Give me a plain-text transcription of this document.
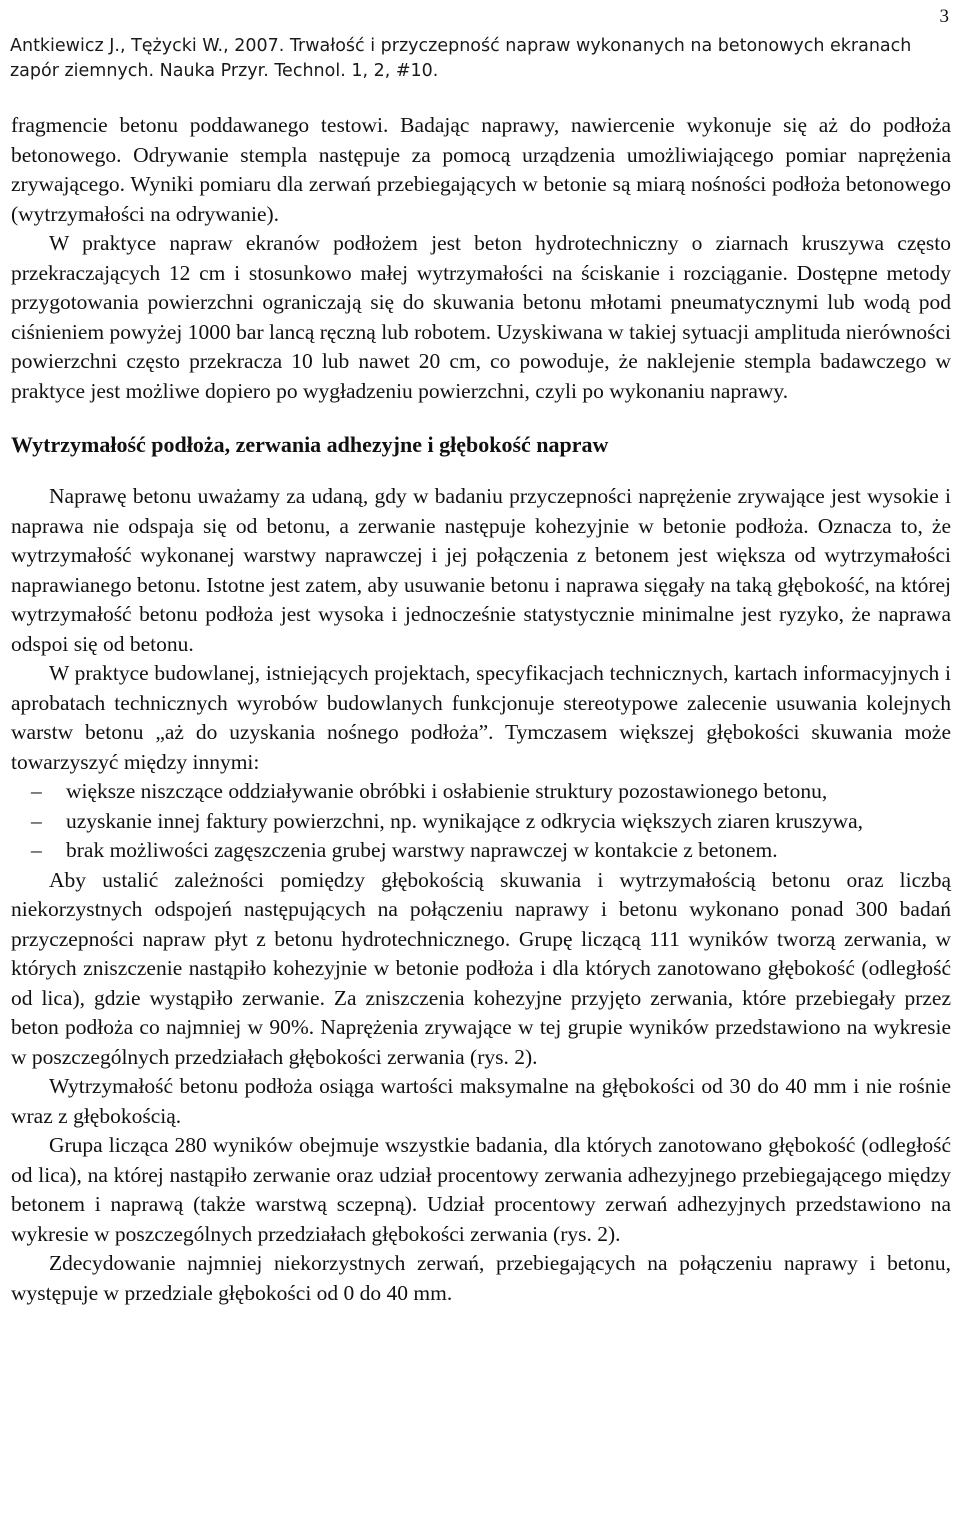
Antkiewicz J., Tężycki W., 2007. Trwałość i przyczepność napraw wykonanych na betonowych ekranach zapór ziemnych. Nauka Przyr. Technol. 1, 2, #10.
3

fragmencie betonu poddawanego testowi. Badając naprawy, nawiercenie wykonuje się aż do podłoża betonowego. Odrywanie stempla następuje za pomocą urządzenia umożliwiającego pomiar naprężenia zrywającego. Wyniki pomiaru dla zerwań przebiegających w betonie są miarą nośności podłoża betonowego (wytrzymałości na odrywanie).

W praktyce napraw ekranów podłożem jest beton hydrotechniczny o ziarnach kruszywa często przekraczających 12 cm i stosunkowo małej wytrzymałości na ściskanie i rozciąganie. Dostępne metody przygotowania powierzchni ograniczają się do skuwania betonu młotami pneumatycznymi lub wodą pod ciśnieniem powyżej 1000 bar lancą ręczną lub robotem. Uzyskiwana w takiej sytuacji amplituda nierówności powierzchni często przekracza 10 lub nawet 20 cm, co powoduje, że naklejenie stempla badawczego w praktyce jest możliwe dopiero po wygładzeniu powierzchni, czyli po wykonaniu naprawy.

Wytrzymałość podłoża, zerwania adhezyjne i głębokość napraw

Naprawę betonu uważamy za udaną, gdy w badaniu przyczepności naprężenie zrywające jest wysokie i naprawa nie odspaja się od betonu, a zerwanie następuje kohezyjnie w betonie podłoża. Oznacza to, że wytrzymałość wykonanej warstwy naprawczej i jej połączenia z betonem jest większa od wytrzymałości naprawianego betonu. Istotne jest zatem, aby usuwanie betonu i naprawa sięgały na taką głębokość, na której wytrzymałość betonu podłoża jest wysoka i jednocześnie statystycznie minimalne jest ryzyko, że naprawa odspoi się od betonu.

W praktyce budowlanej, istniejących projektach, specyfikacjach technicznych, kartach informacyjnych i aprobatach technicznych wyrobów budowlanych funkcjonuje stereotypowe zalecenie usuwania kolejnych warstw betonu „aż do uzyskania nośnego podłoża”. Tymczasem większej głębokości skuwania może towarzyszyć między innymi:

– większe niszczące oddziaływanie obróbki i osłabienie struktury pozostawionego betonu,
– uzyskanie innej faktury powierzchni, np. wynikające z odkrycia większych ziaren kruszywa,
– brak możliwości zagęszczenia grubej warstwy naprawczej w kontakcie z betonem.

Aby ustalić zależności pomiędzy głębokością skuwania i wytrzymałością betonu oraz liczbą niekorzystnych odspojeń następujących na połączeniu naprawy i betonu wykonano ponad 300 badań przyczepności napraw płyt z betonu hydrotechnicznego. Grupę liczącą 111 wyników tworzą zerwania, w których zniszczenie nastąpiło kohezyjnie w betonie podłoża i dla których zanotowano głębokość (odległość od lica), gdzie wystąpiło zerwanie. Za zniszczenia kohezyjne przyjęto zerwania, które przebiegały przez beton podłoża co najmniej w 90%. Naprężenia zrywające w tej grupie wyników przedstawiono na wykresie w poszczególnych przedziałach głębokości zerwania (rys. 2).

Wytrzymałość betonu podłoża osiąga wartości maksymalne na głębokości od 30 do 40 mm i nie rośnie wraz z głębokością.

Grupa licząca 280 wyników obejmuje wszystkie badania, dla których zanotowano głębokość (odległość od lica), na której nastąpiło zerwanie oraz udział procentowy zerwania adhezyjnego przebiegającego między betonem i naprawą (także warstwą sczepną). Udział procentowy zerwań adhezyjnych przedstawiono na wykresie w poszczególnych przedziałach głębokości zerwania (rys. 2).

Zdecydowanie najmniej niekorzystnych zerwań, przebiegających na połączeniu naprawy i betonu, występuje w przedziale głębokości od 0 do 40 mm.
